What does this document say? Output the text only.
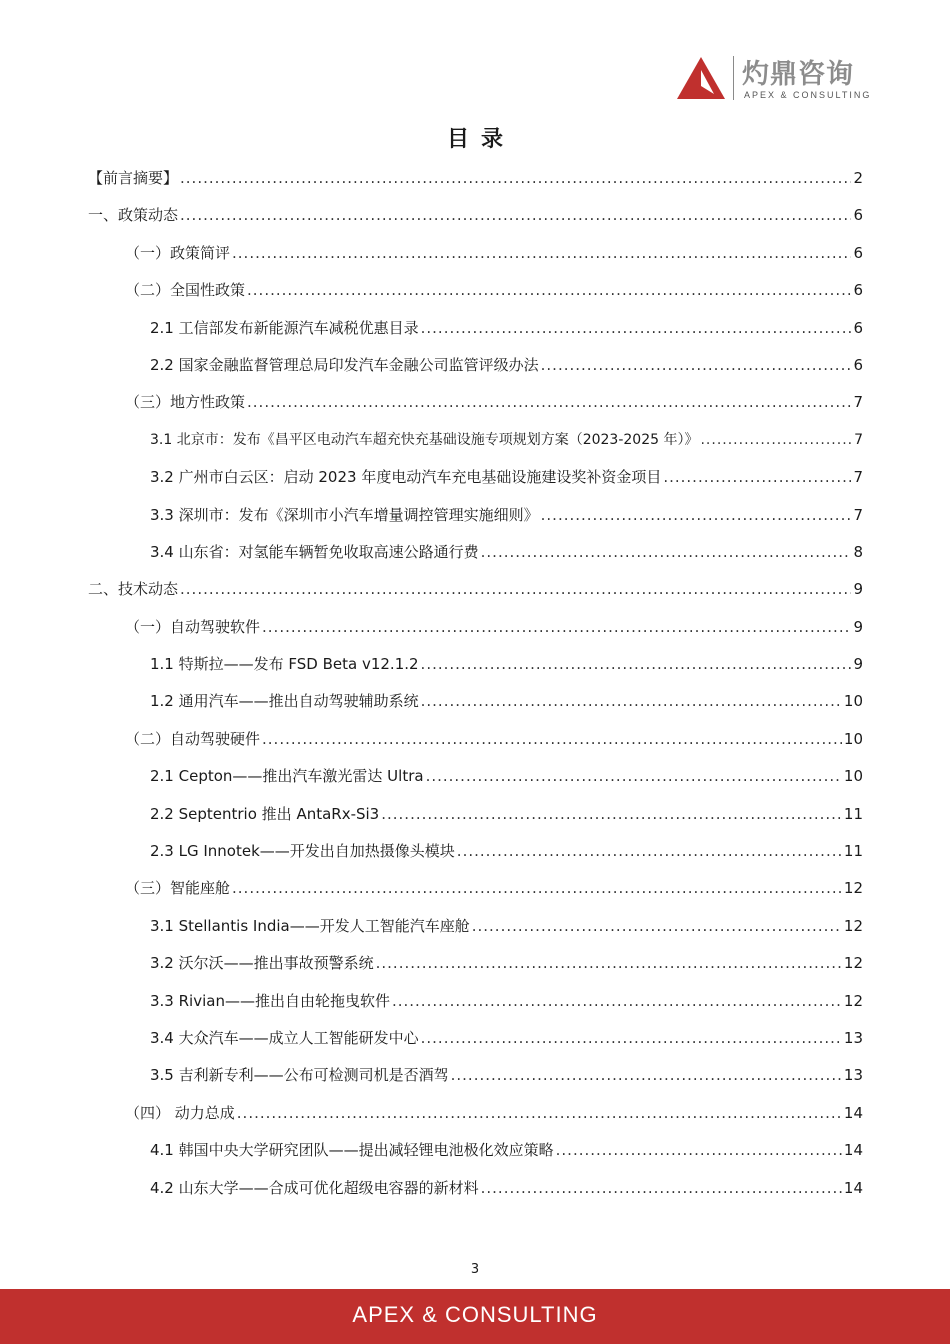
灼鼎咨询
APEX & CONSULTING
目录
【前言摘要】 .....	2
一、政策动态 .....	6
（一）政策简评 .....	6
（二）全国性政策 .....	6
2.1 工信部发布新能源汽车减税优惠目录 .....	6
2.2 国家金融监督管理总局印发汽车金融公司监管评级办法 .....	6
（三）地方性政策 .....	7
3.1 北京市：发布《昌平区电动汽车超充快充基础设施专项规划方案（2023-2025 年）》 .....	7
3.2 广州市白云区：启动 2023 年度电动汽车充电基础设施建设奖补资金项目 .....	7
3.3 深圳市：发布《深圳市小汽车增量调控管理实施细则》 .....	7
3.4 山东省：对氢能车辆暂免收取高速公路通行费 .....	8
二、技术动态 .....	9
（一）自动驾驶软件 .....	9
1.1 特斯拉——发布 FSD Beta v12.1.2 .....	9
1.2 通用汽车——推出自动驾驶辅助系统 .....	10
（二）自动驾驶硬件 .....	10
2.1 Cepton——推出汽车激光雷达 Ultra .....	10
2.2 Septentrio 推出 AntaRx-Si3 .....	11
2.3 LG Innotek——开发出自加热摄像头模块 .....	11
（三）智能座舱 .....	12
3.1 Stellantis India——开发人工智能汽车座舱 .....	12
3.2 沃尔沃——推出事故预警系统 .....	12
3.3 Rivian——推出自由轮拖曳软件 .....	12
3.4 大众汽车——成立人工智能研发中心 .....	13
3.5 吉利新专利——公布可检测司机是否酒驾 .....	13
（四） 动力总成 .....	14
4.1 韩国中央大学研究团队——提出减轻锂电池极化效应策略 .....	14
4.2 山东大学——合成可优化超级电容器的新材料 .....	14
3
APEX & CONSULTING
